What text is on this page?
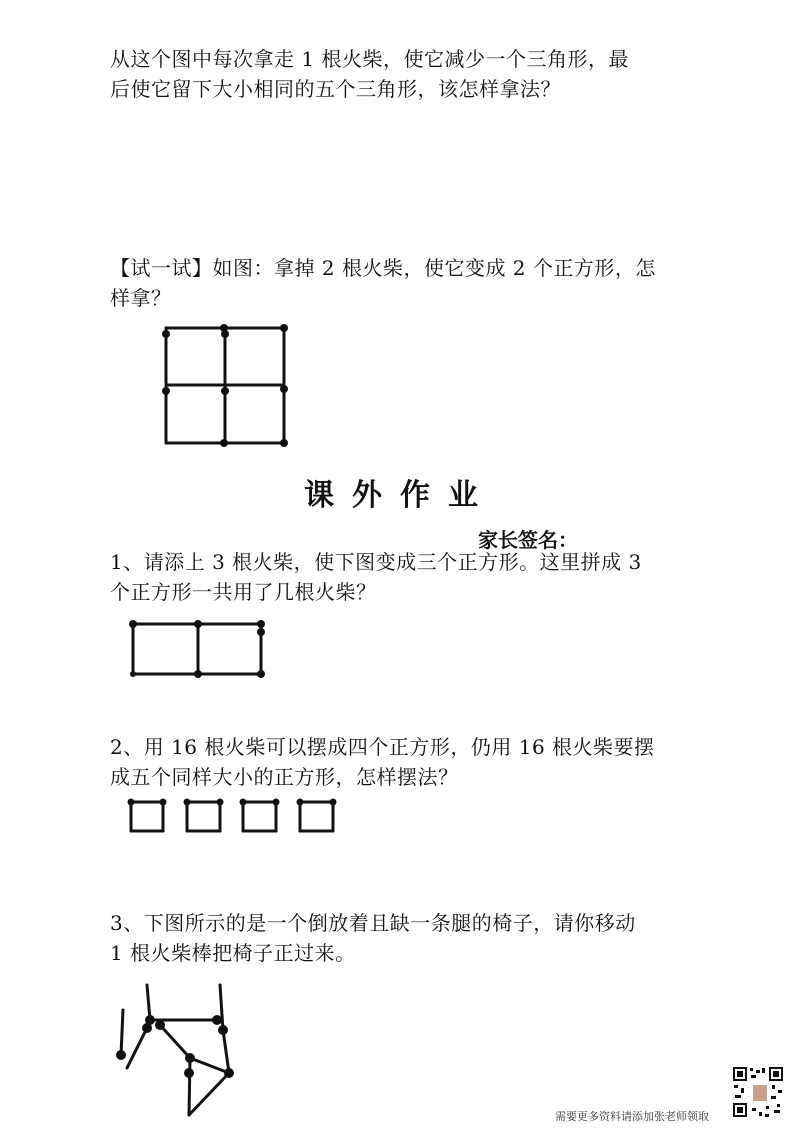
从这个图中每次拿走 1 根火柴，使它减少一个三角形，最
后使它留下大小相同的五个三角形，该怎样拿法？
【试一试】如图：拿掉 2 根火柴，使它变成 2 个正方形，怎
样拿？
课外作业
家长签名：
1、请添上 3 根火柴，使下图变成三个正方形。这里拼成 3
个正方形一共用了几根火柴？
2、用 16 根火柴可以摆成四个正方形，仍用 16 根火柴要摆
成五个同样大小的正方形，怎样摆法？
3、下图所示的是一个倒放着且缺一条腿的椅子，请你移动
1 根火柴棒把椅子正过来。
需要更多资料请添加张老师领取
